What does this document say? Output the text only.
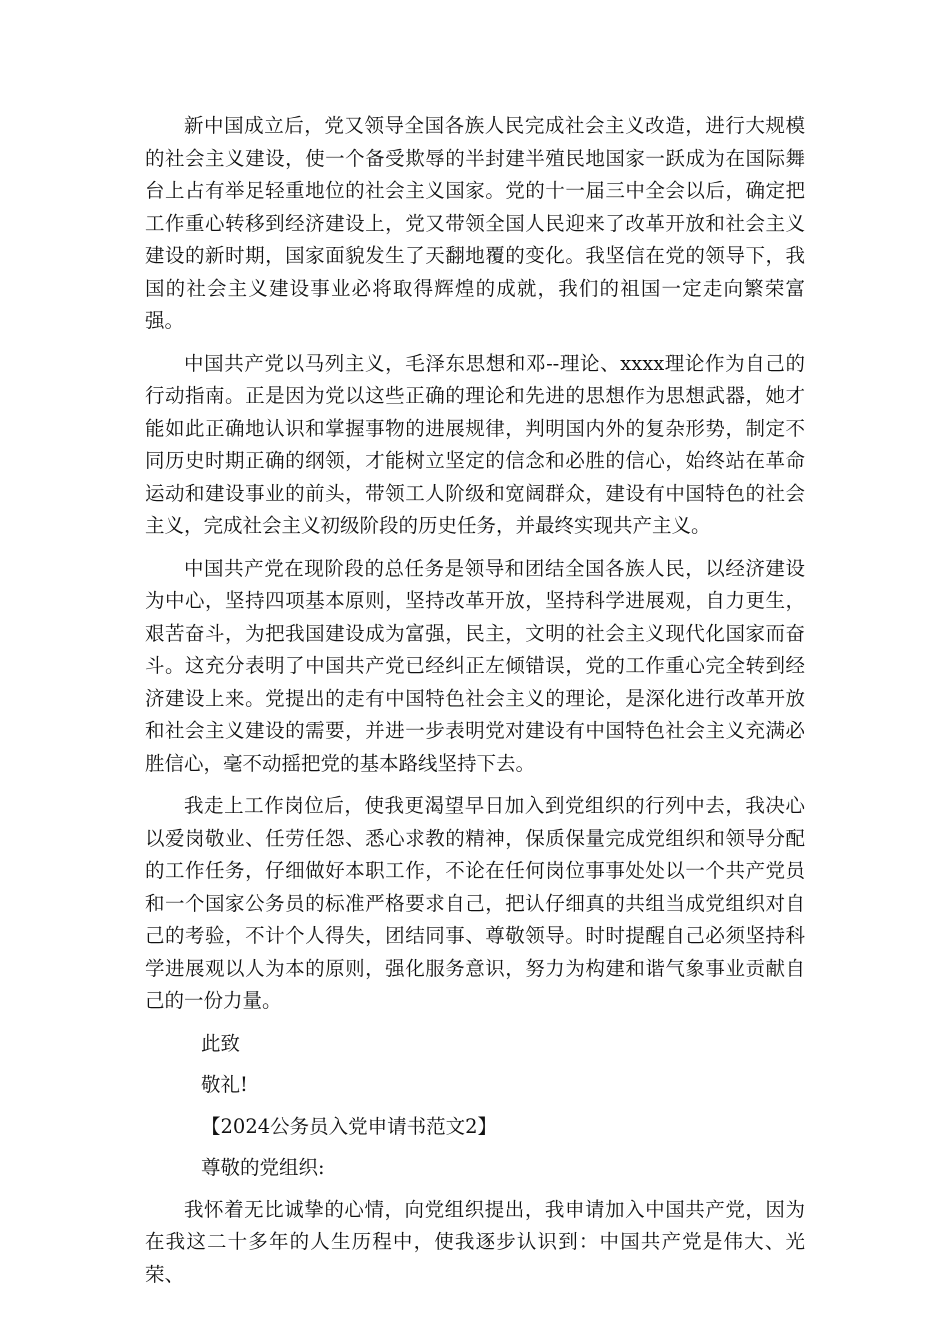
新中国成立后，党又领导全国各族人民完成社会主义改造，进行大规模的社会主义建设，使一个备受欺辱的半封建半殖民地国家一跃成为在国际舞台上占有举足轻重地位的社会主义国家。党的十一届三中全会以后，确定把工作重心转移到经济建设上，党又带领全国人民迎来了改革开放和社会主义建设的新时期，国家面貌发生了天翻地覆的变化。我坚信在党的领导下，我国的社会主义建设事业必将取得辉煌的成就，我们的祖国一定走向繁荣富强。

中国共产党以马列主义，毛泽东思想和邓--理论、xxxx理论作为自己的行动指南。正是因为党以这些正确的理论和先进的思想作为思想武器，她才能如此正确地认识和掌握事物的进展规律，判明国内外的复杂形势，制定不同历史时期正确的纲领，才能树立坚定的信念和必胜的信心，始终站在革命运动和建设事业的前头，带领工人阶级和宽阔群众，建设有中国特色的社会主义，完成社会主义初级阶段的历史任务，并最终实现共产主义。

中国共产党在现阶段的总任务是领导和团结全国各族人民，以经济建设为中心，坚持四项基本原则，坚持改革开放，坚持科学进展观，自力更生，艰苦奋斗，为把我国建设成为富强，民主，文明的社会主义现代化国家而奋斗。这充分表明了中国共产党已经纠正左倾错误，党的工作重心完全转到经济建设上来。党提出的走有中国特色社会主义的理论，是深化进行改革开放和社会主义建设的需要，并进一步表明党对建设有中国特色社会主义充满必胜信心，毫不动摇把党的基本路线坚持下去。

我走上工作岗位后，使我更渴望早日加入到党组织的行列中去，我决心以爱岗敬业、任劳任怨、悉心求教的精神，保质保量完成党组织和领导分配的工作任务，仔细做好本职工作，不论在任何岗位事事处处以一个共产党员和一个国家公务员的标准严格要求自己，把认仔细真的共组当成党组织对自己的考验，不计个人得失，团结同事、尊敬领导。时时提醒自己必须坚持科学进展观以人为本的原则，强化服务意识，努力为构建和谐气象事业贡献自己的一份力量。

此致

敬礼!

【2024公务员入党申请书范文2】

尊敬的党组织:

我怀着无比诚挚的心情，向党组织提出，我申请加入中国共产党，因为在我这二十多年的人生历程中，使我逐步认识到：中国共产党是伟大、光荣、
